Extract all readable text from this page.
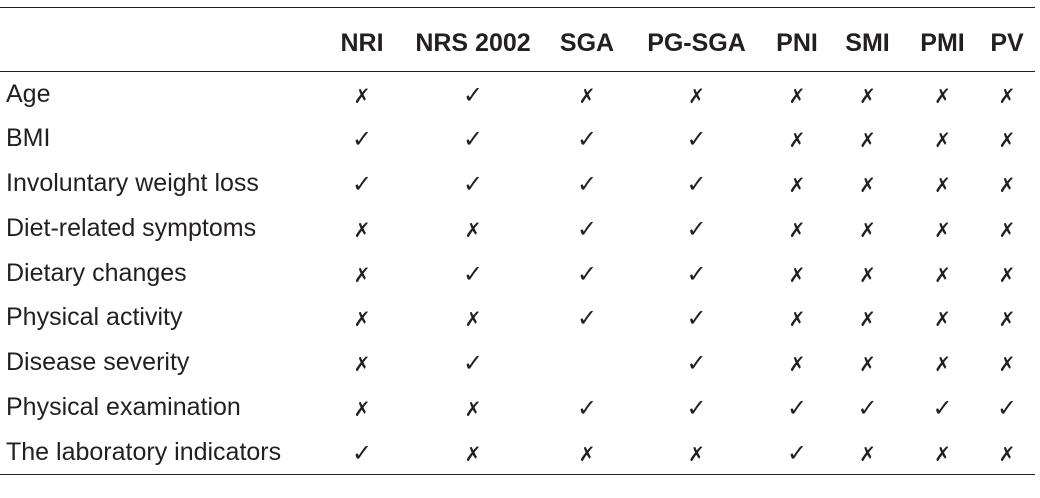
	NRI	NRS 2002	SGA	PG-SGA	PNI	SMI	PMI	PV
Age	✗	✓	✗	✗	✗	✗	✗	✗
BMI	✓	✓	✓	✓	✗	✗	✗	✗
Involuntary weight loss	✓	✓	✓	✓	✗	✗	✗	✗
Diet-related symptoms	✗	✗	✓	✓	✗	✗	✗	✗
Dietary changes	✗	✓	✓	✓	✗	✗	✗	✗
Physical activity	✗	✗	✓	✓	✗	✗	✗	✗
Disease severity	✗	✓		✓	✗	✗	✗	✗
Physical examination	✗	✗	✓	✓	✓	✓	✓	✓
The laboratory indicators	✓	✗	✗	✗	✓	✗	✗	✗
